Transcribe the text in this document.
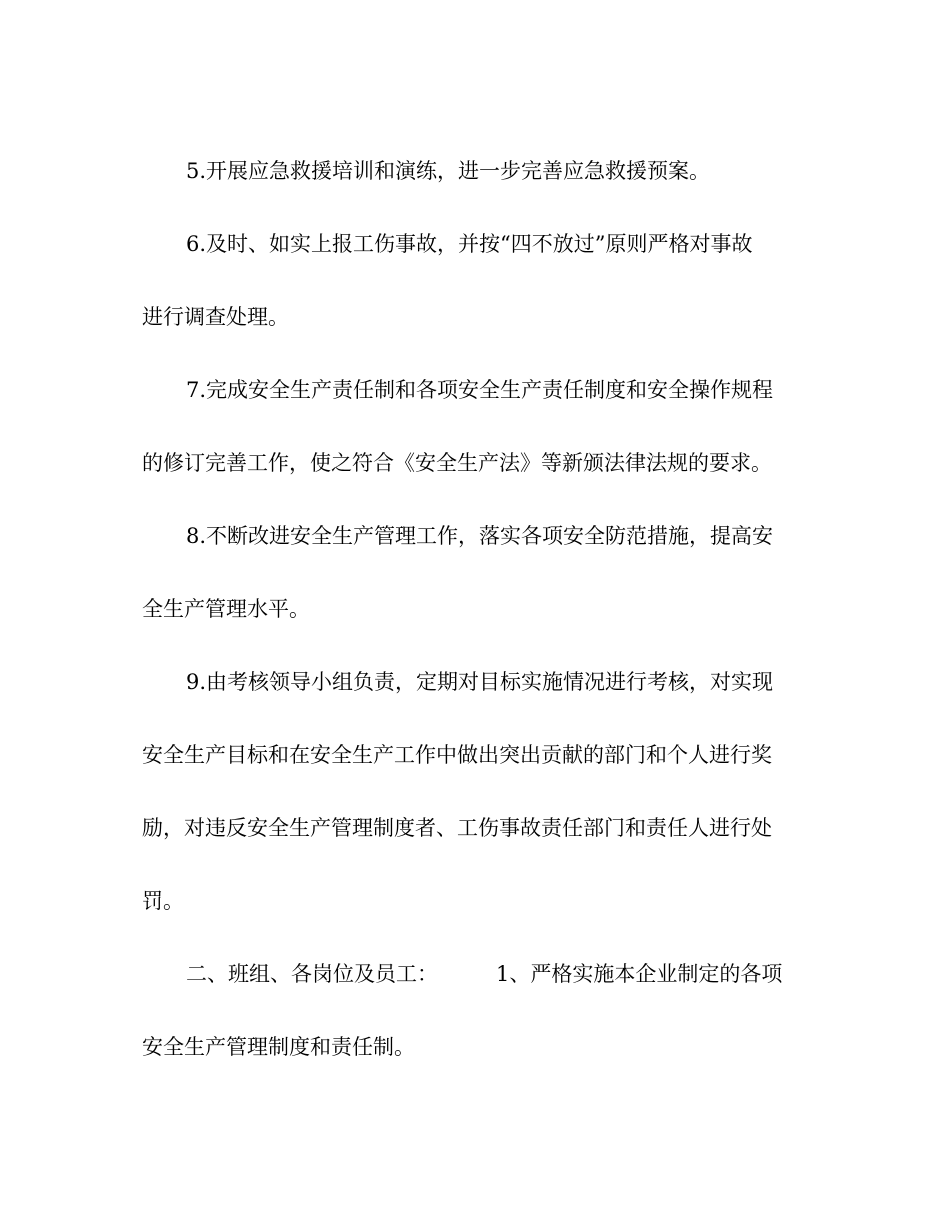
5.开展应急救援培训和演练，进一步完善应急救援预案。
6.及时、如实上报工伤事故，并按“四不放过”原则严格对事故
进行调查处理。
7.完成安全生产责任制和各项安全生产责任制度和安全操作规程
的修订完善工作，使之符合《安全生产法》等新颁法律法规的要求。
8.不断改进安全生产管理工作，落实各项安全防范措施，提高安
全生产管理水平。
9.由考核领导小组负责，定期对目标实施情况进行考核，对实现
安全生产目标和在安全生产工作中做出突出贡献的部门和个人进行奖
励，对违反安全生产管理制度者、工伤事故责任部门和责任人进行处
罚。
二、班组、各岗位及员工：	1、严格实施本企业制定的各项
安全生产管理制度和责任制。
